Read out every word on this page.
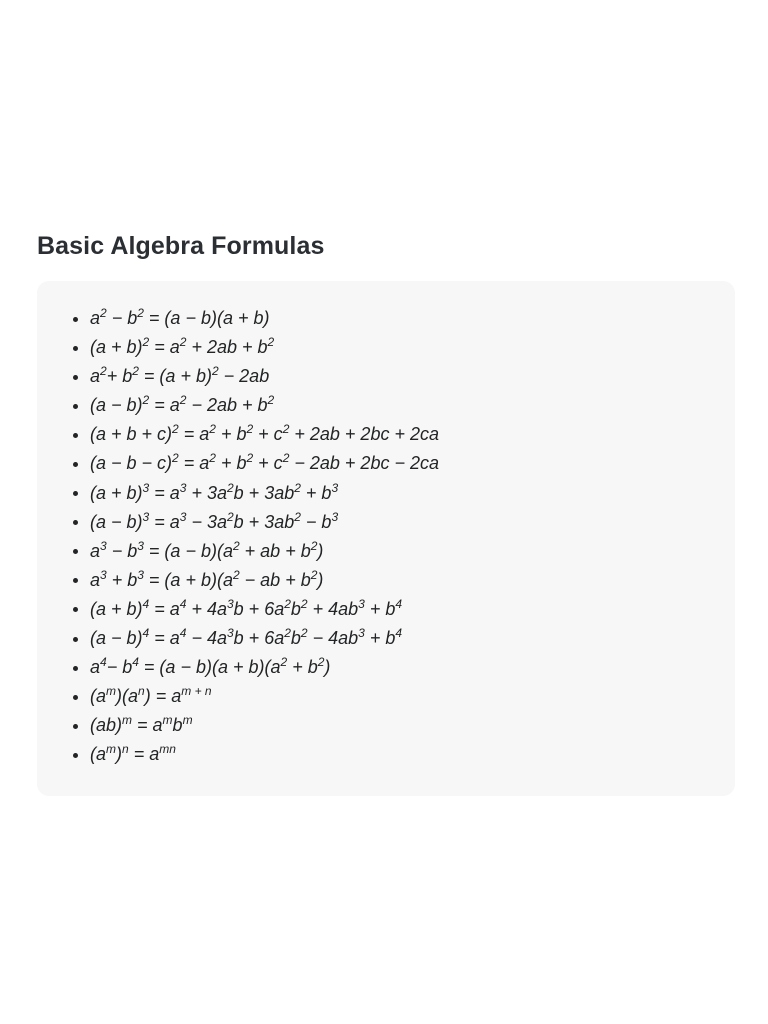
Basic Algebra Formulas
$a^2 - b^2 = (a - b)(a + b)$
$(a + b)^2 = a^2 + 2ab + b^2$
$a^2+ b^2 = (a + b)^2 - 2ab$
$(a - b)^2 = a^2 - 2ab + b^2$
$(a + b + c)^2 = a^2 + b^2 + c^2 + 2ab + 2bc + 2ca$
$(a - b - c)^2 = a^2 + b^2 + c^2 - 2ab + 2bc - 2ca$
$(a + b)^3 = a^3 + 3a^2b + 3ab^2 + b^3$
$(a - b)^3 = a^3 - 3a^2b + 3ab^2 - b^3$
$a^3 - b^3 = (a - b)(a^2$ + ab + $b^2$)
$a^3 + b^3 = (a + b)(a^2$ − ab + $b^2$)
$(a + b)^4 = a^4 + 4a^3b + 6a^2b^2 + 4ab^3 + b^4$
$(a - b)^4 = a^4 - 4a^3b + 6a^2b^2 - 4ab^3 + b^4$
$a^4- b^4 = (a - b)(a + b)(a^2 + b^2)$
$(a^m)(a^n) = a^{m + n}$
$(ab)^m = a^mb^m$
$(a^m)^n = a^{mn}$
